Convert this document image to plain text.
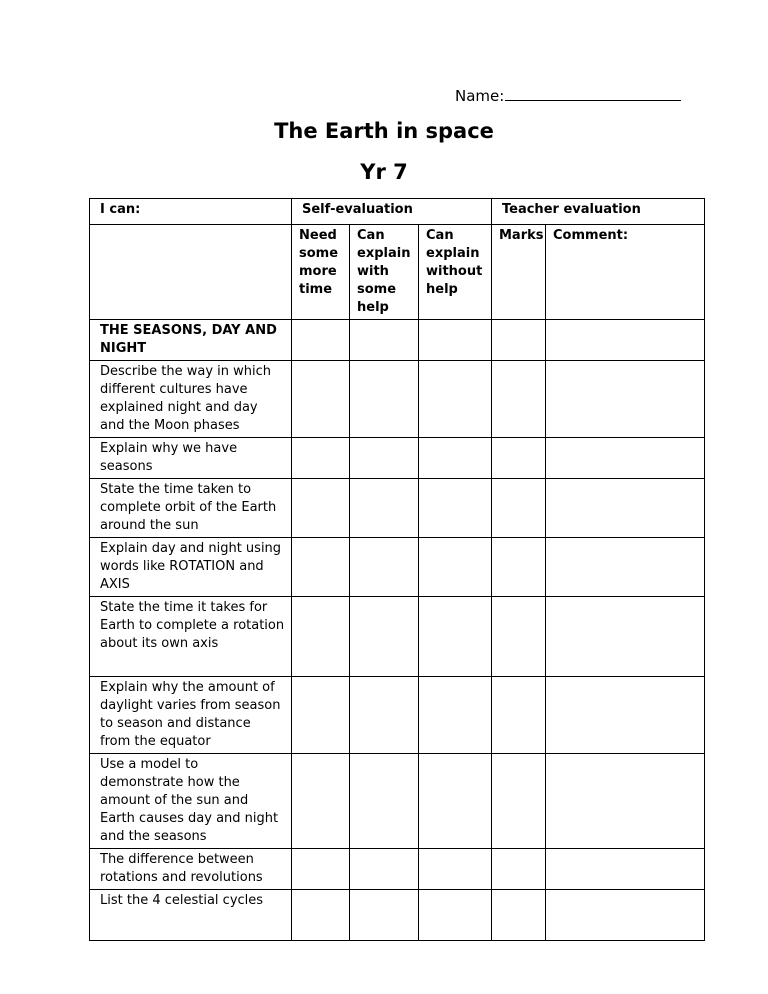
Name:
The Earth in space
Yr 7
I can:	Self-evaluation			Teacher evaluation	
	Need some more time	Can explain with some help	Can explain without help	Marks	Comment:
THE SEASONS, DAY AND NIGHT					
Describe the way in which different cultures have explained night and day and the Moon phases					
Explain why we have seasons					
State the time taken to complete orbit of the Earth around the sun					
Explain day and night using words like ROTATION and AXIS					
State the time it takes for Earth to complete a rotation about its own axis					
Explain why the amount of daylight varies from season to season and distance from the equator					
Use a model to demonstrate how the amount of the sun and Earth causes day and night and the seasons					
The difference between rotations and revolutions					
List the 4 celestial cycles					
